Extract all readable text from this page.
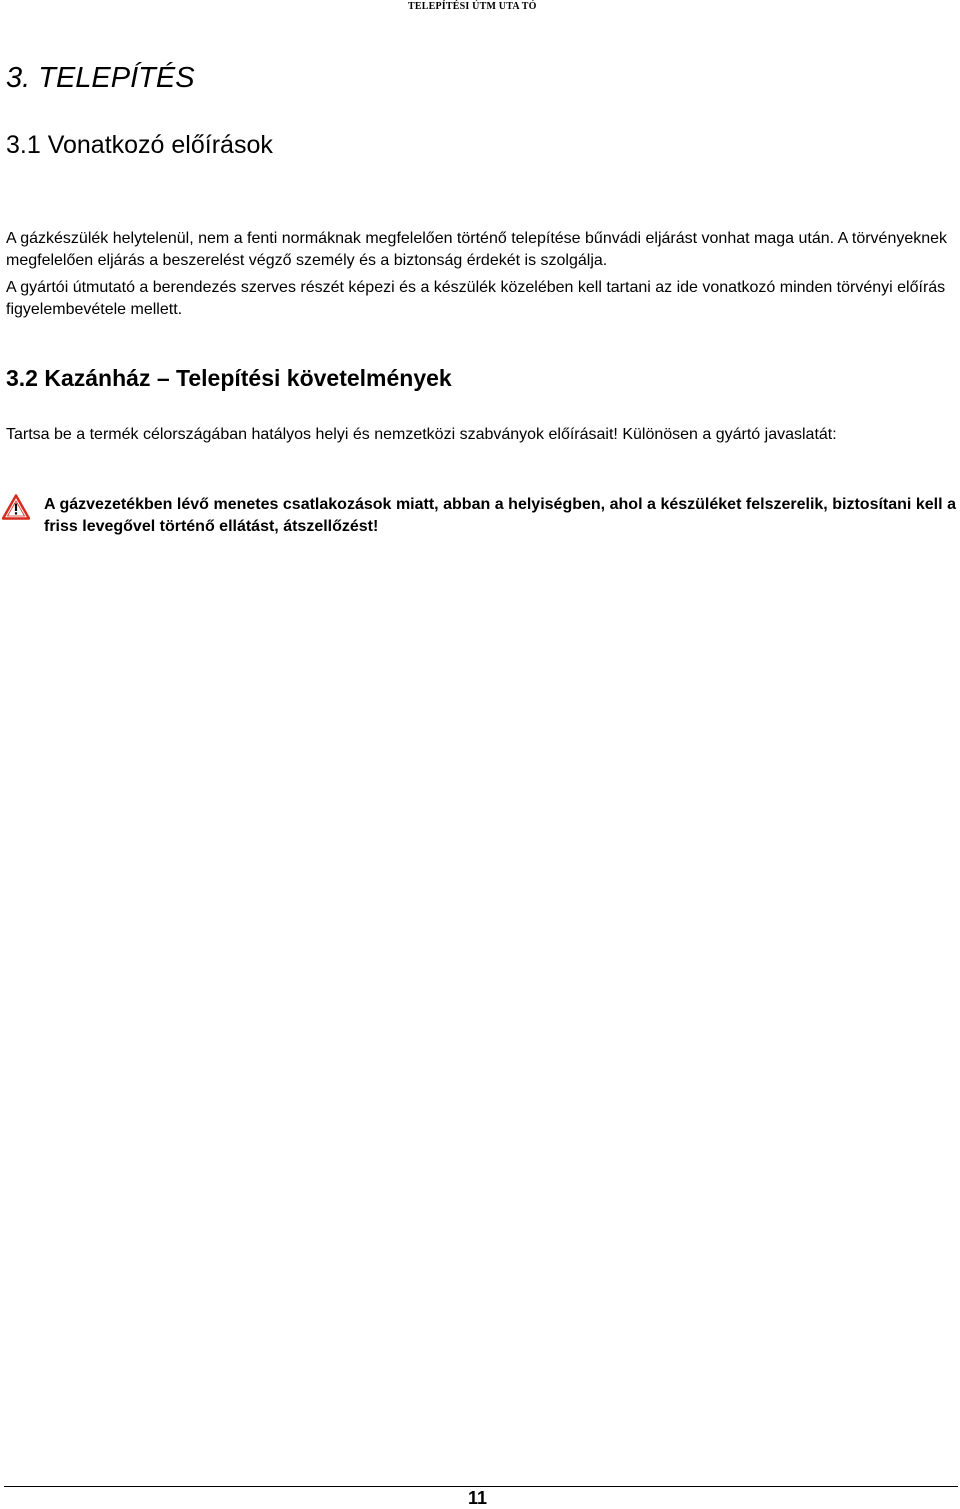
TELEPÍTÉSI ÚTM UTA TÓ
3. TELEPÍTÉS
3.1 Vonatkozó előírások

A gázkészülék helytelenül, nem a fenti normáknak megfelelően történő telepítése bűnvádi eljárást vonhat maga után. A törvényeknek megfelelően eljárás a beszerelést végző személy és a biztonság érdekét is szolgálja.

A gyártói útmutató a berendezés szerves részét képezi és a készülék közelében kell tartani az ide vonatkozó minden törvényi előírás figyelembevétele mellett.

3.2 Kazánház – Telepítési követelmények

Tartsa be a termék célországában hatályos helyi és nemzetközi szabványok előírásait! Különösen a gyártó javaslatát:

A gázvezetékben lévő menetes csatlakozások miatt, abban a helyiségben, ahol a készüléket felszerelik, biztosítani kell a friss levegővel történő ellátást, átszellőzést!

11
